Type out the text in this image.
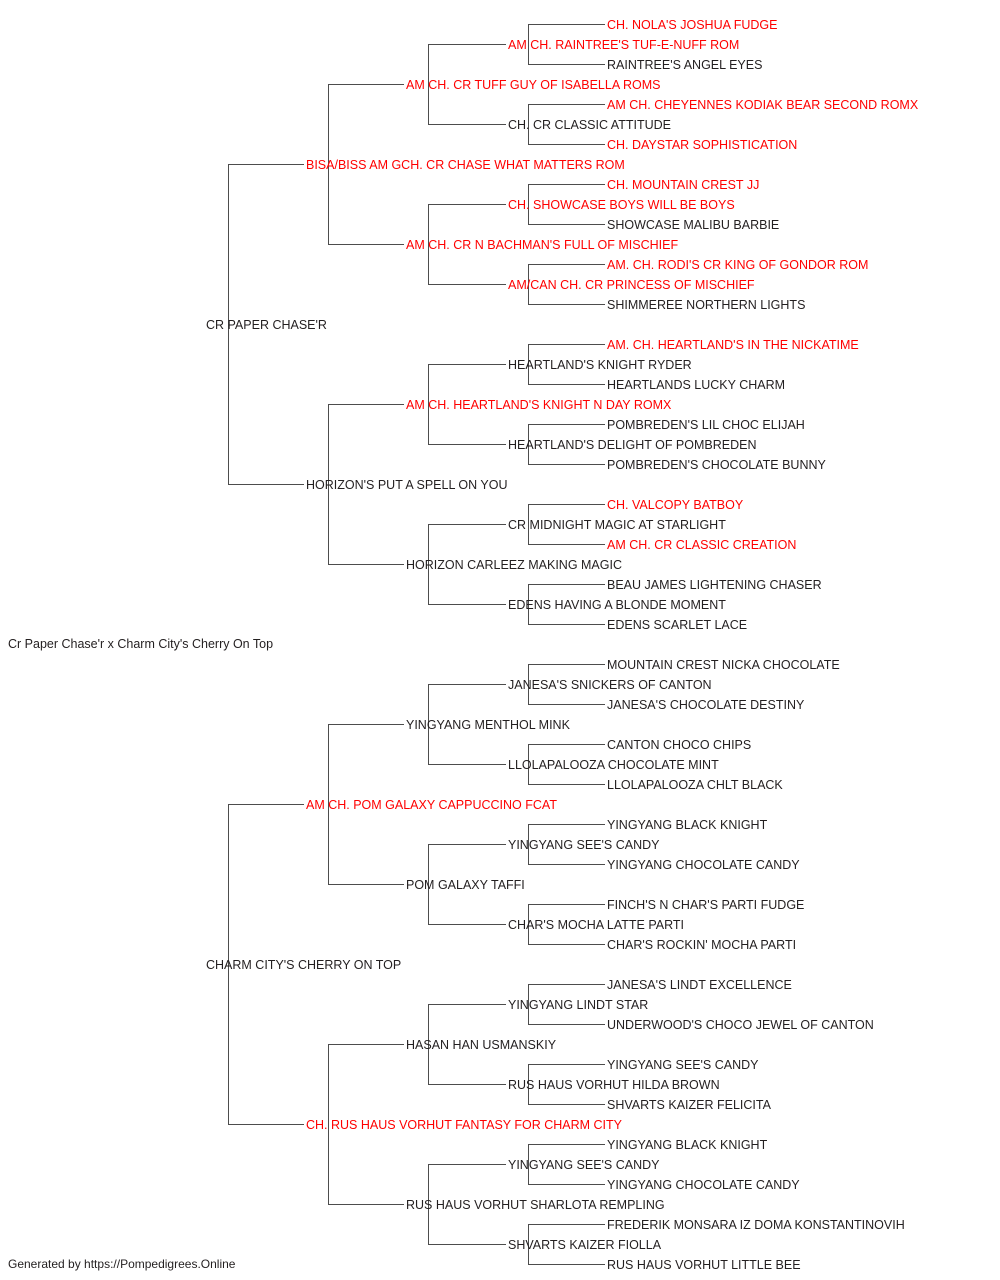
CR PAPER CHASE'R
BISA/BISS AM GCH. CR CHASE WHAT MATTERS ROM
AM CH. CR TUFF GUY OF ISABELLA ROMS
AM CH. RAINTREE'S TUF-E-NUFF ROM
CH. NOLA'S JOSHUA FUDGE
RAINTREE'S ANGEL EYES
CH. CR CLASSIC ATTITUDE
AM CH. CHEYENNES KODIAK BEAR SECOND ROMX
CH. DAYSTAR SOPHISTICATION
AM CH. CR N BACHMAN'S FULL OF MISCHIEF
CH. SHOWCASE BOYS WILL BE BOYS
CH. MOUNTAIN CREST JJ
SHOWCASE MALIBU BARBIE
AM/CAN CH. CR PRINCESS OF MISCHIEF
AM. CH. RODI'S CR KING OF GONDOR ROM
SHIMMEREE NORTHERN LIGHTS
HORIZON'S PUT A SPELL ON YOU
AM CH. HEARTLAND'S KNIGHT N DAY ROMX
HEARTLAND'S KNIGHT RYDER
AM. CH. HEARTLAND'S IN THE NICKATIME
HEARTLANDS LUCKY CHARM
HEARTLAND'S DELIGHT OF POMBREDEN
POMBREDEN'S LIL CHOC ELIJAH
POMBREDEN'S CHOCOLATE BUNNY
HORIZON CARLEEZ MAKING MAGIC
CR MIDNIGHT MAGIC AT STARLIGHT
CH. VALCOPY BATBOY
AM CH. CR CLASSIC CREATION
EDENS HAVING A BLONDE MOMENT
BEAU JAMES LIGHTENING CHASER
EDENS SCARLET LACE
CHARM CITY'S CHERRY ON TOP
AM CH. POM GALAXY CAPPUCCINO FCAT
YINGYANG MENTHOL MINK
JANESA'S SNICKERS OF CANTON
MOUNTAIN CREST NICKA CHOCOLATE
JANESA'S CHOCOLATE DESTINY
LLOLAPALOOZA CHOCOLATE MINT
CANTON CHOCO CHIPS
LLOLAPALOOZA CHLT BLACK
POM GALAXY TAFFI
YINGYANG SEE'S CANDY
YINGYANG BLACK KNIGHT
YINGYANG CHOCOLATE CANDY
CHAR'S MOCHA LATTE PARTI
FINCH'S N CHAR'S PARTI FUDGE
CHAR'S ROCKIN' MOCHA PARTI
CH. RUS HAUS VORHUT FANTASY FOR CHARM CITY
HASAN HAN USMANSKIY
YINGYANG LINDT STAR
JANESA'S LINDT EXCELLENCE
UNDERWOOD'S CHOCO JEWEL OF CANTON
RUS HAUS VORHUT HILDA BROWN
YINGYANG SEE'S CANDY
SHVARTS KAIZER FELICITA
RUS HAUS VORHUT SHARLOTA REMPLING
YINGYANG SEE'S CANDY
YINGYANG BLACK KNIGHT
YINGYANG CHOCOLATE CANDY
SHVARTS KAIZER FIOLLA
FREDERIK MONSARA IZ DOMA KONSTANTINOVIH
RUS HAUS VORHUT LITTLE BEE
Cr Paper Chase'r x Charm City's Cherry On Top
Generated by https://Pompedigrees.Online
